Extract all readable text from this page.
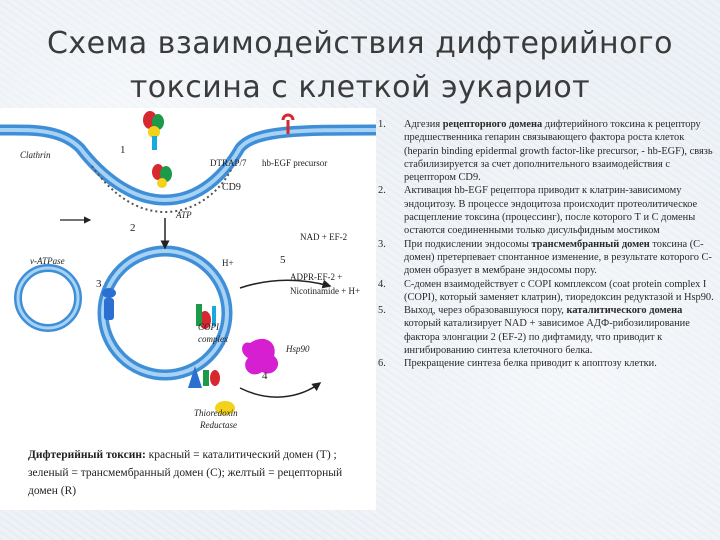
Схема взаимодействия дифтерийного
токсина с клеткой эукариот
DTRAP/7 hb-EGF precursor
CD9
Clathrin
ATP
v-ATPase	H+
NAD + EF-2
ADPR-EF-2 +
Nicotinamide + H+
COPI
complex
Hsp90
Thioredoxin
Reductase
1
2
3
4
5
Дифтерийный токсин: красный = каталитический домен (Т) ; зеленый = трансмембранный домен (С); желтый = рецепторный домен (R)

1. Адгезия рецепторного домена дифтерийного токсина к рецептору предшественника гепарин связывающего фактора роста клеток (heparin binding epidermal growth factor-like precursor, - hb-EGF), связь стабилизируется за счет дополнительного взаимодействия с рецептором CD9.

2. Активация hb-EGF рецептора приводит к клатрин-зависимому эндоцитозу. В процессе эндоцитоза происходит протеолитическое расщепление токсина (процессинг), после которого Т и С домены остаются соединенными только дисульфидным мостиком

3. При подкислении эндосомы трансмембранный домен токсина (С-домен) претерпевает спонтанное изменение, в результате которого С-домен образует в мембране эндосомы пору.

4. С-домен взаимодействует с COPI комплексом (coat protein complex I (COPI), который заменяет клатрин), тиоредоксин редуктазой и Hsp90.

5. Выход, через образовавшуюся пору, каталитического домена который катализирует NAD + зависимое АДФ-рибозилирование фактора элонгации 2 (EF-2) по дифтамиду, что приводит к ингибированию синтеза клеточного белка.

6. Прекращение синтеза белка приводит к апоптозу клетки.
